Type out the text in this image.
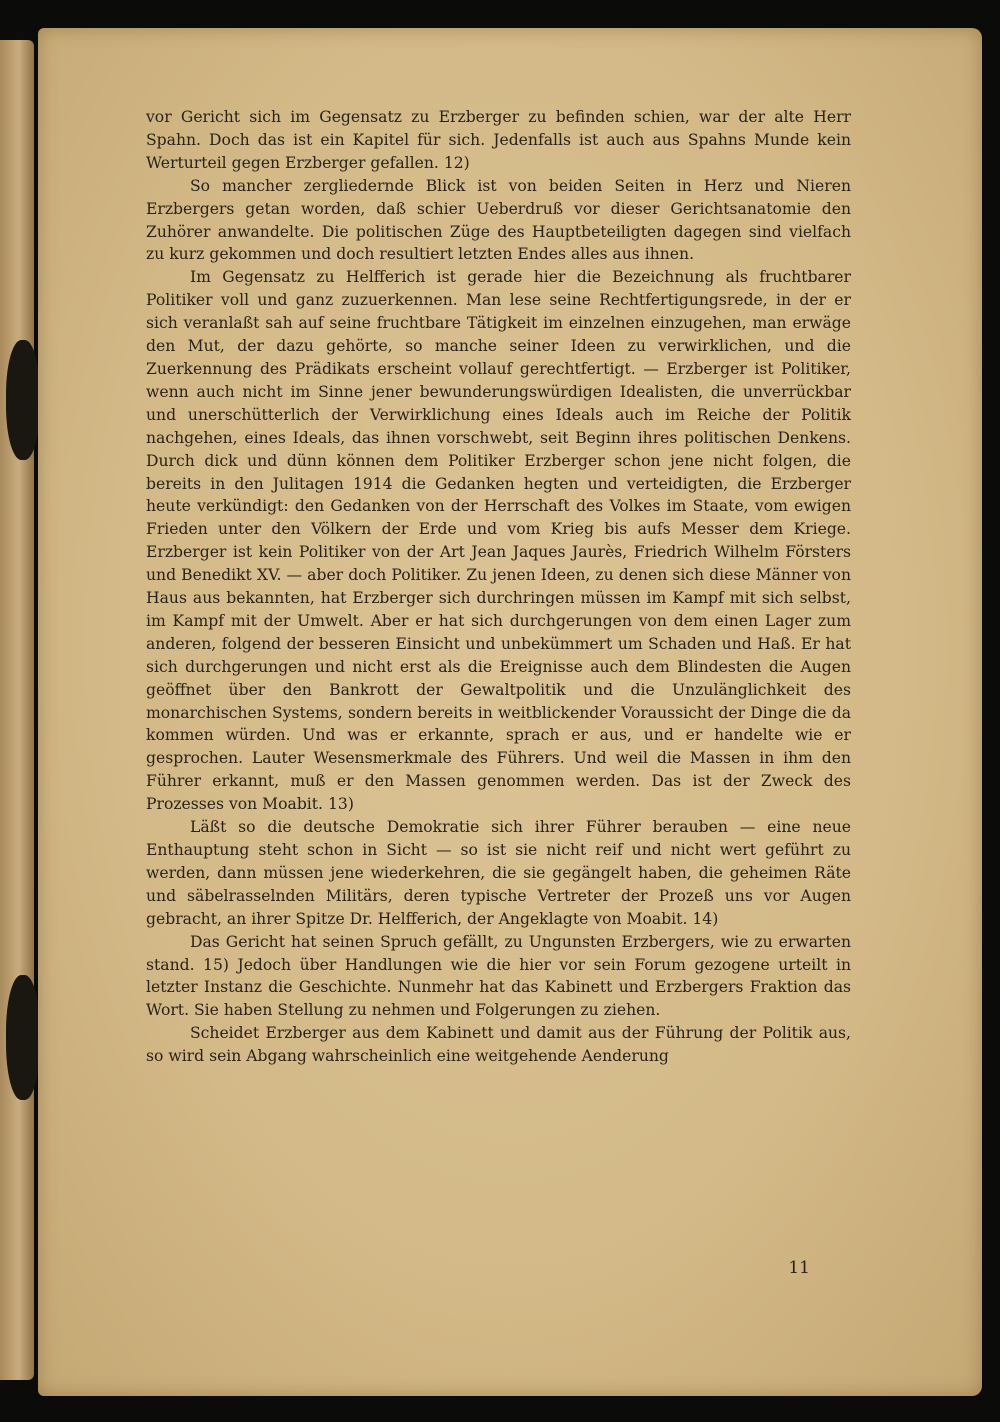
vor Gericht sich im Gegensatz zu Erzberger zu befinden schien, war der alte Herr Spahn. Doch das ist ein Kapitel für sich. Jedenfalls ist auch aus Spahns Munde kein Werturteil gegen Erzberger gefallen. 12)

So mancher zergliedernde Blick ist von beiden Seiten in Herz und Nieren Erzbergers getan worden, daß schier Ueberdruß vor dieser Gerichtsanatomie den Zuhörer anwandelte. Die politischen Züge des Hauptbeteiligten dagegen sind vielfach zu kurz gekommen und doch resultiert letzten Endes alles aus ihnen.

Im Gegensatz zu Helfferich ist gerade hier die Bezeichnung als fruchtbarer Politiker voll und ganz zuzuerkennen. Man lese seine Rechtfertigungsrede, in der er sich veranlaßt sah auf seine fruchtbare Tätigkeit im einzelnen einzugehen, man erwäge den Mut, der dazu gehörte, so manche seiner Ideen zu verwirklichen, und die Zuerkennung des Prädikats erscheint vollauf gerechtfertigt. — Erzberger ist Politiker, wenn auch nicht im Sinne jener bewunderungswürdigen Idealisten, die unverrückbar und unerschütterlich der Verwirklichung eines Ideals auch im Reiche der Politik nachgehen, eines Ideals, das ihnen vorschwebt, seit Beginn ihres politischen Denkens. Durch dick und dünn können dem Politiker Erzberger schon jene nicht folgen, die bereits in den Julitagen 1914 die Gedanken hegten und verteidigten, die Erzberger heute verkündigt: den Gedanken von der Herrschaft des Volkes im Staate, vom ewigen Frieden unter den Völkern der Erde und vom Krieg bis aufs Messer dem Kriege. Erzberger ist kein Politiker von der Art Jean Jaques Jaurès, Friedrich Wilhelm Försters und Benedikt XV. — aber doch Politiker. Zu jenen Ideen, zu denen sich diese Männer von Haus aus bekannten, hat Erzberger sich durchringen müssen im Kampf mit sich selbst, im Kampf mit der Umwelt. Aber er hat sich durchgerungen von dem einen Lager zum anderen, folgend der besseren Einsicht und unbekümmert um Schaden und Haß. Er hat sich durchgerungen und nicht erst als die Ereignisse auch dem Blindesten die Augen geöffnet über den Bankrott der Gewaltpolitik und die Unzulänglichkeit des monarchischen Systems, sondern bereits in weitblickender Voraussicht der Dinge die da kommen würden. Und was er erkannte, sprach er aus, und er handelte wie er gesprochen. Lauter Wesensmerkmale des Führers. Und weil die Massen in ihm den Führer erkannt, muß er den Massen genommen werden. Das ist der Zweck des Prozesses von Moabit. 13)

Läßt so die deutsche Demokratie sich ihrer Führer berauben — eine neue Enthauptung steht schon in Sicht — so ist sie nicht reif und nicht wert geführt zu werden, dann müssen jene wiederkehren, die sie gegängelt haben, die geheimen Räte und säbelrasselnden Militärs, deren typische Vertreter der Prozeß uns vor Augen gebracht, an ihrer Spitze Dr. Helfferich, der Angeklagte von Moabit. 14)

Das Gericht hat seinen Spruch gefällt, zu Ungunsten Erzbergers, wie zu erwarten stand. 15) Jedoch über Handlungen wie die hier vor sein Forum gezogene urteilt in letzter Instanz die Geschichte. Nunmehr hat das Kabinett und Erzbergers Fraktion das Wort. Sie haben Stellung zu nehmen und Folgerungen zu ziehen.

Scheidet Erzberger aus dem Kabinett und damit aus der Führung der Politik aus, so wird sein Abgang wahrscheinlich eine weitgehende Aenderung

11
